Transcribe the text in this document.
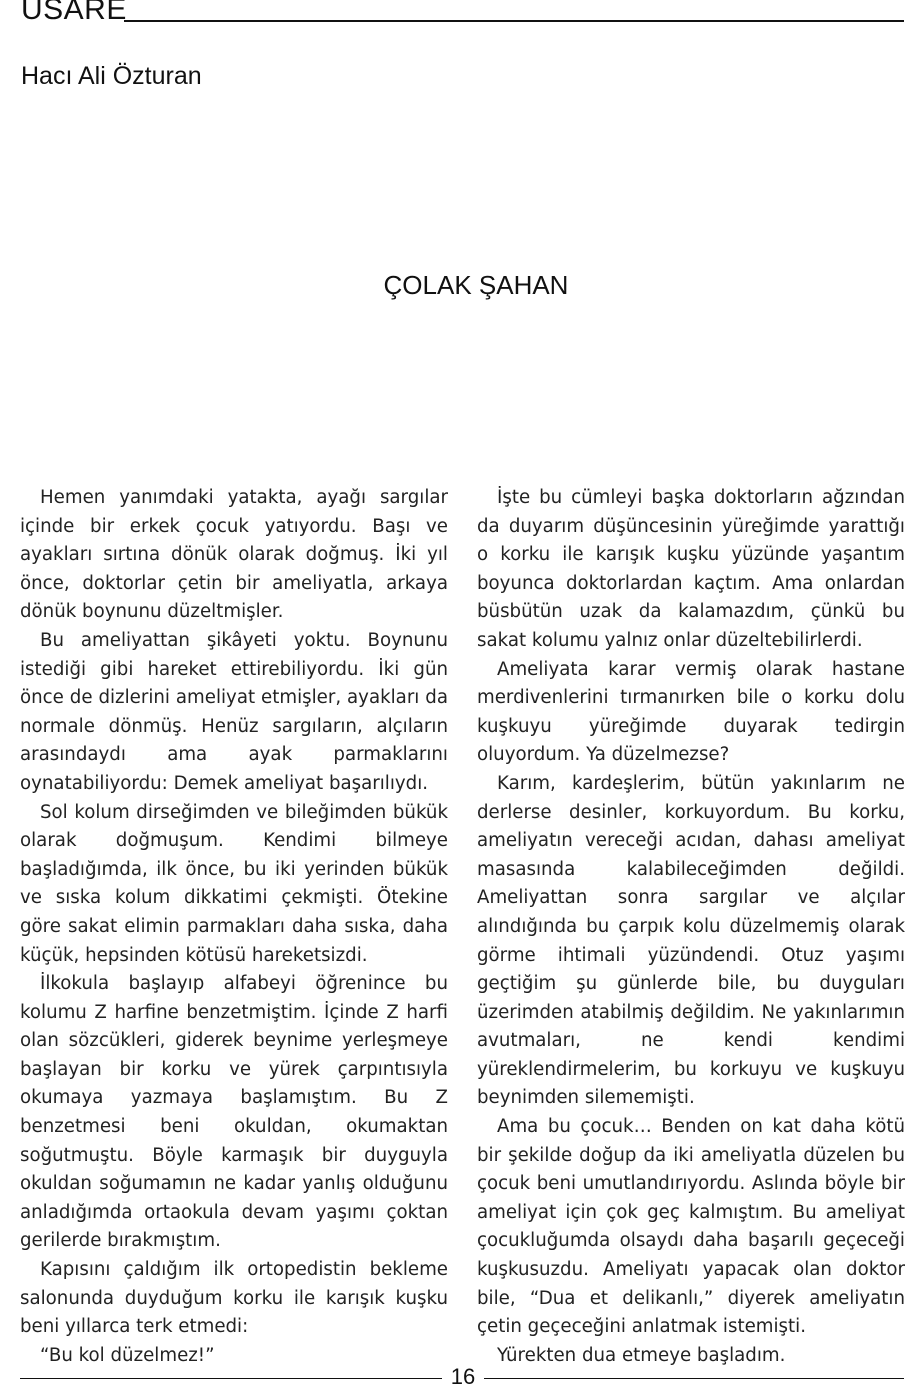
USARE
Hacı Ali Özturan
ÇOLAK ŞAHAN

Hemen yanımdaki yatakta, ayağı sargılar içinde bir erkek çocuk yatıyordu. Başı ve ayakları sırtına dönük olarak doğmuş. İki yıl önce, doktorlar çetin bir ameliyatla, arkaya dönük boynunu düzeltmişler.

Bu ameliyattan şikâyeti yoktu. Boynunu istediği gibi hareket ettirebiliyordu. İki gün önce de dizlerini ameliyat etmişler, ayakları da normale dönmüş. Henüz sargıların, alçıların arasındaydı ama ayak parmaklarını oynatabiliyordu: Demek ameliyat başarılıydı.

Sol kolum dirseğimden ve bileğimden bükük olarak doğmuşum. Kendimi bilmeye başladığımda, ilk önce, bu iki yerinden bükük ve sıska kolum dikkatimi çekmişti. Ötekine göre sakat elimin parmakları daha sıska, daha küçük, hepsinden kötüsü hareketsizdi.

İlkokula başlayıp alfabeyi öğrenince bu kolumu Z harfine benzetmiştim. İçinde Z harfi olan sözcükleri, giderek beynime yerleşmeye başlayan bir korku ve yürek çarpıntısıyla okumaya yazmaya başlamıştım. Bu Z benzetmesi beni okuldan, okumaktan soğutmuştu. Böyle karmaşık bir duyguyla okuldan soğumamın ne kadar yanlış olduğunu anladığımda ortaokula devam yaşımı çoktan gerilerde bırakmıştım.

Kapısını çaldığım ilk ortopedistin bekleme salonunda duyduğum korku ile karışık kuşku beni yıllarca terk etmedi:

“Bu kol düzelmez!”

İşte bu cümleyi başka doktorların ağzından da duyarım düşüncesinin yüreğimde yarattığı o korku ile karışık kuşku yüzünde yaşantım boyunca doktorlardan kaçtım. Ama onlardan büsbütün uzak da kalamazdım, çünkü bu sakat kolumu yalnız onlar düzeltebilirlerdi.

Ameliyata karar vermiş olarak hastane merdivenlerini tırmanırken bile o korku dolu kuşkuyu yüreğimde duyarak tedirgin oluyordum. Ya düzelmezse?

Karım, kardeşlerim, bütün yakınlarım ne derlerse desinler, korkuyordum. Bu korku, ameliyatın vereceği acıdan, dahası ameliyat masasında kalabileceğimden değildi. Ameliyattan sonra sargılar ve alçılar alındığında bu çarpık kolu düzelmemiş olarak görme ihtimali yüzündendi. Otuz yaşımı geçtiğim şu günlerde bile, bu duyguları üzerimden atabilmiş değildim. Ne yakınlarımın avutmaları, ne kendi kendimi yüreklendirmelerim, bu korkuyu ve kuşkuyu beynimden silememişti.

Ama bu çocuk… Benden on kat daha kötü bir şekilde doğup da iki ameliyatla düzelen bu çocuk beni umutlandırıyordu. Aslında böyle bir ameliyat için çok geç kalmıştım. Bu ameliyat çocukluğumda olsaydı daha başarılı geçeceği kuşkusuzdu. Ameliyatı yapacak olan doktor bile, “Dua et delikanlı,” diyerek ameliyatın çetin geçeceğini anlatmak istemişti.

Yürekten dua etmeye başladım.

16
